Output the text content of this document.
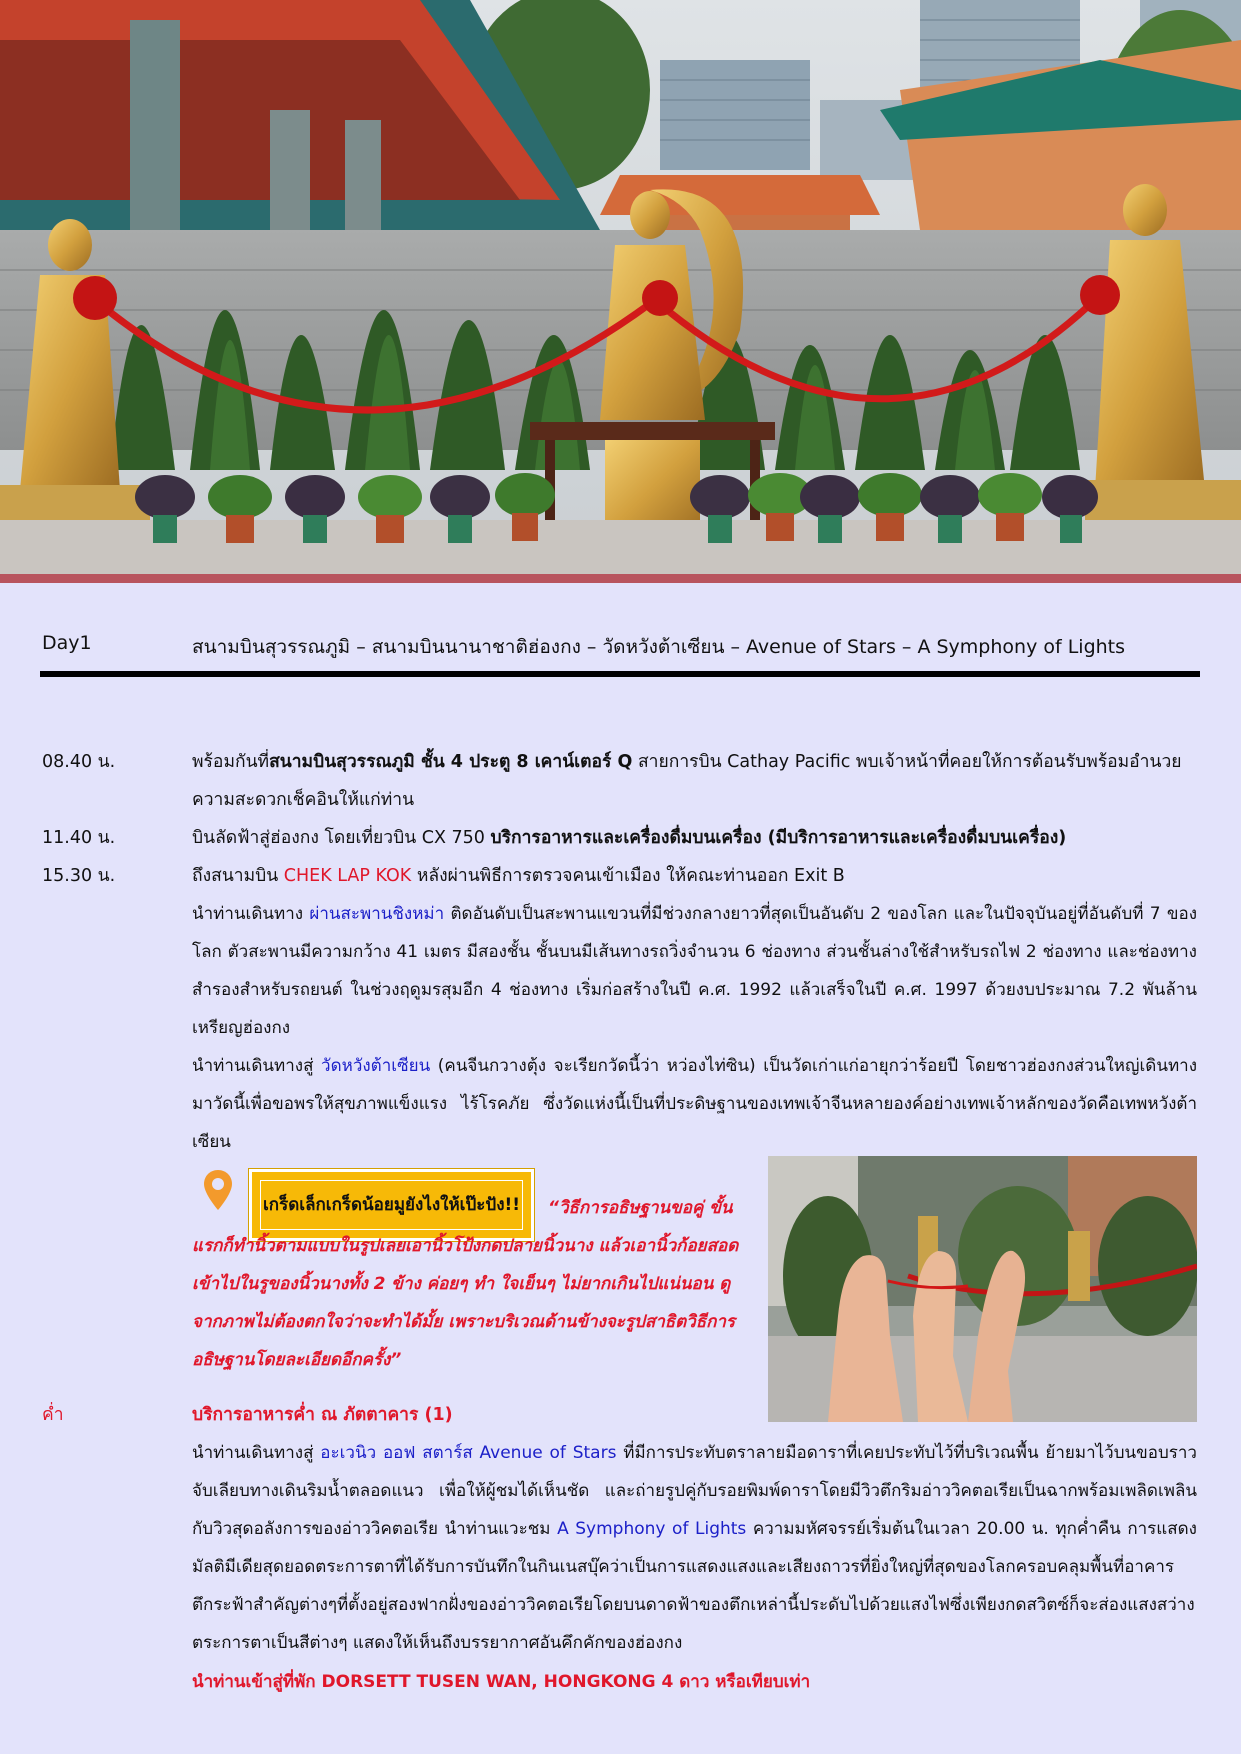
Day1	สนามบินสุวรรณภูมิ – สนามบินนานาชาติฮ่องกง – วัดหวังต้าเซียน – Avenue of Stars – A Symphony of Lights
08.40 น.	พร้อมกันที่สนามบินสุวรรณภูมิ ชั้น 4 ประตู 8 เคาน์เตอร์ Q สายการบิน Cathay Pacific พบเจ้าหน้าที่คอยให้การต้อนรับพร้อมอำนวยความสะดวกเช็คอินให้แก่ท่าน
11.40 น.	บินลัดฟ้าสู่ฮ่องกง โดยเที่ยวบิน CX 750 บริการอาหารและเครื่องดื่มบนเครื่อง (มีบริการอาหารและเครื่องดื่มบนเครื่อง)
15.30 น.	ถึงสนามบิน CHEK LAP KOK หลังผ่านพิธีการตรวจคนเข้าเมือง ให้คณะท่านออก Exit B
นำท่านเดินทาง ผ่านสะพานชิงหม่า ติดอันดับเป็นสะพานแขวนที่มีช่วงกลางยาวที่สุดเป็นอันดับ 2 ของโลก และในปัจจุบันอยู่ที่อันดับที่ 7 ของโลก ตัวสะพานมีความกว้าง 41 เมตร มีสองชั้น ชั้นบนมีเส้นทางรถวิ่งจำนวน 6 ช่องทาง ส่วนชั้นล่างใช้สำหรับรถไฟ 2 ช่องทาง และช่องทางสำรองสำหรับรถยนต์ ในช่วงฤดูมรสุมอีก 4 ช่องทาง เริ่มก่อสร้างในปี ค.ศ. 1992 แล้วเสร็จในปี ค.ศ. 1997 ด้วยงบประมาณ 7.2 พันล้านเหรียญฮ่องกง
นำท่านเดินทางสู่ วัดหวังต้าเซียน (คนจีนกวางตุ้ง จะเรียกวัดนี้ว่า หว่องไท่ซิน) เป็นวัดเก่าแก่อายุกว่าร้อยปี โดยชาวฮ่องกงส่วนใหญ่เดินทางมาวัดนี้เพื่อขอพรให้สุขภาพแข็งแรง ไร้โรคภัย ซึ่งวัดแห่งนี้เป็นที่ประดิษฐานของเทพเจ้าจีนหลายองค์อย่างเทพเจ้าหลักของวัดคือเทพหวังต้าเซียน
เกร็ดเล็กเกร็ดน้อยมูยังไงให้เป๊ะปัง!!	“วิธีการอธิษฐานขอคู่ ขั้นแรกก็ทำนิ้วตามแบบในรูปเลยเอานิ้วโป้งกดปลายนิ้วนาง แล้วเอานิ้วก้อยสอดเข้าไปในรูของนิ้วนางทั้ง 2 ข้าง ค่อยๆ ทำ ใจเย็นๆ ไม่ยากเกินไปแน่นอน ดูจากภาพไม่ต้องตกใจว่าจะทำได้มั้ย เพราะบริเวณด้านข้างจะรูปสาธิตวิธีการอธิษฐานโดยละเอียดอีกครั้ง”
ค่ำ	บริการอาหารค่ำ ณ ภัตตาคาร (1)
นำท่านเดินทางสู่ อะเวนิว ออฟ สตาร์ส Avenue of Stars ที่มีการประทับตราลายมือดาราที่เคยประทับไว้ที่บริเวณพื้น ย้ายมาไว้บนขอบราวจับเลียบทางเดินริมน้ำตลอดแนว เพื่อให้ผู้ชมได้เห็นชัด และถ่ายรูปคู่กับรอยพิมพ์ดาราโดยมีวิวตึกริมอ่าววิคตอเรียเป็นฉากพร้อมเพลิดเพลินกับวิวสุดอลังการของอ่าววิคตอเรีย นำท่านแวะชม A Symphony of Lights ความมหัศจรรย์เริ่มต้นในเวลา 20.00 น. ทุกค่ำคืน การแสดงมัลติมีเดียสุดยอดตระการตาที่ได้รับการบันทึกในกินเนสบุ๊คว่าเป็นการแสดงแสงและเสียงถาวรที่ยิ่งใหญ่ที่สุดของโลกครอบคลุมพื้นที่อาคารตึกระฟ้าสำคัญต่างๆที่ตั้งอยู่สองฟากฝั่งของอ่าววิคตอเรียโดยบนดาดฟ้าของตึกเหล่านี้ประดับไปด้วยแสงไฟซึ่งเพียงกดสวิตซ์ก็จะส่องแสงสว่างตระการตาเป็นสีต่างๆ แสดงให้เห็นถึงบรรยากาศอันคึกคักของฮ่องกง
นำท่านเข้าสู่ที่พัก DORSETT TUSEN WAN, HONGKONG 4 ดาว หรือเทียบเท่า
